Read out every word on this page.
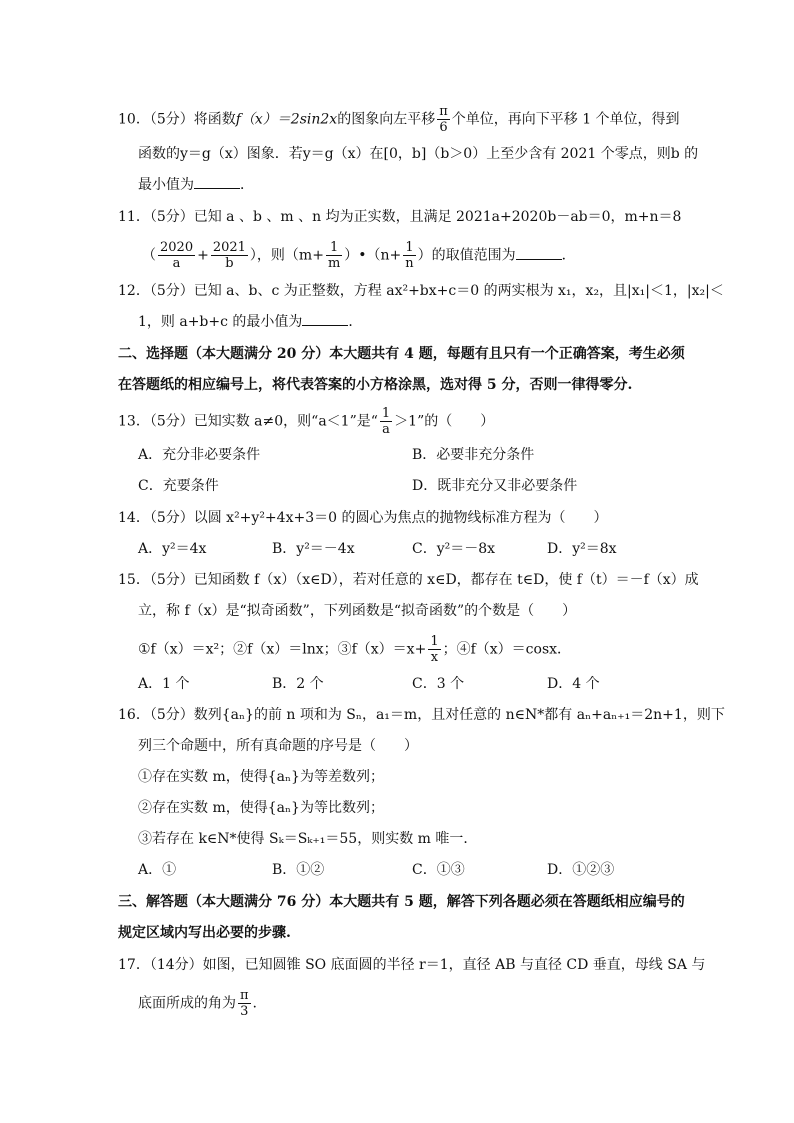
10．（5分）将函数f（x）＝2sin2x的图象向左平移 $\frac{\pi}{6}$ 个单位，再向下平移 1 个单位，得到
函数的y＝g（x）图象．若y＝g（x）在[0，b]（b＞0）上至少含有 2021 个零点，则b 的
最小值为	．
11．（5分）已知 a 、b 、m 、n 均为正实数，且满足 2021a+2020b－ab＝0，m+n＝8
（ $\frac{2020}{a} + \frac{2021}{b}$ ），则（$m+ \frac{1}{m}$ ）•（n+ $\frac{1}{n}$ ）的取值范围为	．
12．（5分）已知 a、b、c 为正整数，方程 ax²+bx+c＝0 的两实根为 x₁，x₂，且|x₁|＜1，|x₂|＜
1，则 a+b+c 的最小值为	．
二、选择题（本大题满分 20 分）本大题共有 4 题，每题有且只有一个正确答案，考生必须
在答题纸的相应编号上，将代表答案的小方格涂黑，选对得 5 分，否则一律得零分.
13．（5分）已知实数 a≠0，则“a＜1”是“ $\frac{1}{a} >1$”的（　　）
A．充分非必要条件	B．必要非充分条件
C．充要条件	D．既非充分又非必要条件
14．（5分）以圆 x²+y²+4x+3＝0 的圆心为焦点的抛物线标准方程为（　　）
A．y²＝4x	B．y²＝－4x	C．y²＝－8x	D．y²＝8x
15．（5分）已知函数 f（x）（x∈D），若对任意的 x∈D，都存在 t∈D，使 f（t）＝－f（x）成
立，称 f（x）是“拟奇函数”，下列函数是“拟奇函数”的个数是（　　）
①f（x）＝x²；②f（x）＝lnx；③f（x）＝x+ $\frac{1}{x}$ ；④f（x）＝cosx．
A．1 个	B．2 个	C．3 个	D．4 个
16．（5分）数列{aₙ}的前 n 项和为 Sₙ，a₁＝m，且对任意的 n∈N*都有 aₙ+aₙ₊₁＝2n+1，则下
列三个命题中，所有真命题的序号是（　　）
①存在实数 m，使得{aₙ}为等差数列；
②存在实数 m，使得{aₙ}为等比数列；
③若存在 k∈N*使得 Sₖ＝Sₖ₊₁＝55，则实数 m 唯一．
A．①	B．①②	C．①③	D．①②③
三、解答题（本大题满分 76 分）本大题共有 5 题，解答下列各题必须在答题纸相应编号的
规定区域内写出必要的步骤.
17．（14分）如图，已知圆锥 SO 底面圆的半径 r＝1，直径 AB 与直径 CD 垂直，母线 SA 与
底面所成的角为 $\frac{\pi}{3}$ .
